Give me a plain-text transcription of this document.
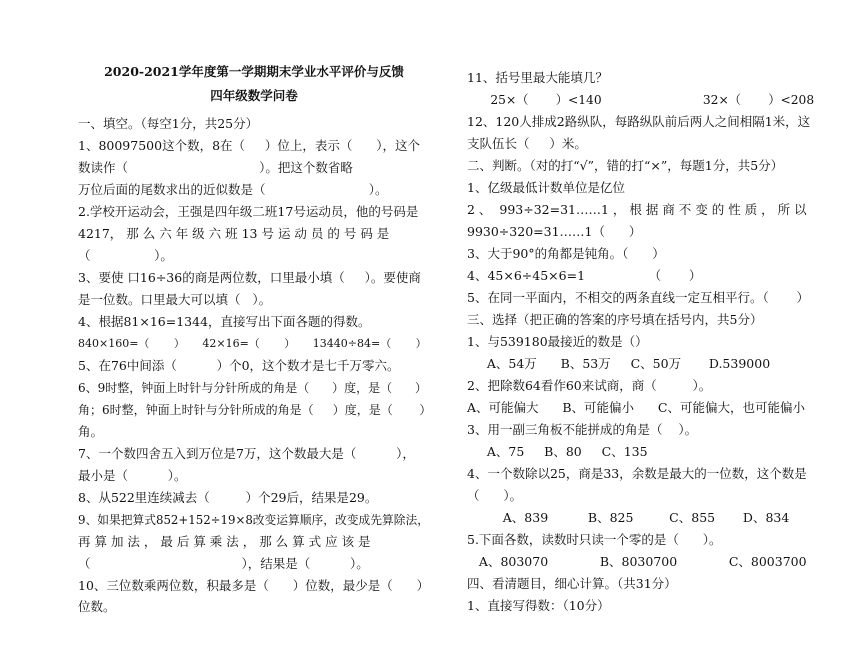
2020-2021学年度第一学期期末学业水平评价与反馈
四年级数学问卷
一、填空。（每空1分，共25分）
1、80097500这个数，8在（     ）位上，表示（      ），这个
数读作（                                 ）。把这个数省略
万位后面的尾数求出的近似数是（                          ）。
2.学校开运动会，王强是四年级二班17号运动员，他的号码是
4217， 那 么 六 年 级 六 班 13 号 运 动 员 的 号 码 是
（                ）。
3、要使 口16÷36的商是两位数，口里最小填（     ）。要使商
是一位数。口里最大可以填（   ）。
4、根据81×16=1344，直接写出下面各题的得数。
840×160=（       ）     42×16=（       ）     13440÷84=（       ）
5、在76中间添（          ）个0，这个数才是七千万零六。
6、9时整，钟面上时针与分针所成的角是（      ）度，是（      ）
角；6时整，钟面上时针与分针所成的角是（     ）度，是（       ）
角。
7、一个数四舍五入到万位是7万，这个数最大是（          ），
最小是（          ）。
8、从522里连续减去（         ）个29后，结果是29。
9、如果把算式852+152÷19×8改变运算顺序，改变成先算除法，
再 算 加 法 ， 最 后 算 乘 法 ， 那 么 算 式 应 该 是
（                                      ），结果是（          ）。
10、三位数乘两位数，积最多是（      ）位数，最少是（      ）
位数。
11、括号里最大能填几？
25×（       ）<140                          32×（       ）<208
12、120人排成2路纵队，每路纵队前后两人之间相隔1米，这
支队伍长（     ）米。
二、判断。（对的打“√”，错的打“×”，每题1分，共5分）
1、亿级最低计数单位是亿位
2 、  993÷32=31……1 ， 根 据 商 不 变 的 性 质 ， 所 以
9930÷320=31……1（      ）
3、大于90°的角都是钝角。（      ）
4、45×6÷45×6=1                （       ）
5、在同一平面内，不相交的两条直线一定互相平行。（       ）
三、选择（把正确的答案的序号填在括号内，共5分）
1、与539180最接近的数是（）
A、54万      B、53万     C、50万       D.539000
2、把除数64看作60来试商，商（         ）。
A、可能偏大      B、可能偏小      C、可能偏大，也可能偏小
3、用一副三角板不能拼成的角是（    ）。
A、75     B、80     C、135
4、一个数除以25，商是33，余数是最大的一位数，这个数是
（      ）。
A、839          B、825         C、855       D、834
5.下面各数，读数时只读一个零的是（      ）。
A、803070             B、8030700             C、8003700
四、看清题目，细心计算。（共31分）
1、直接写得数：（10分）
